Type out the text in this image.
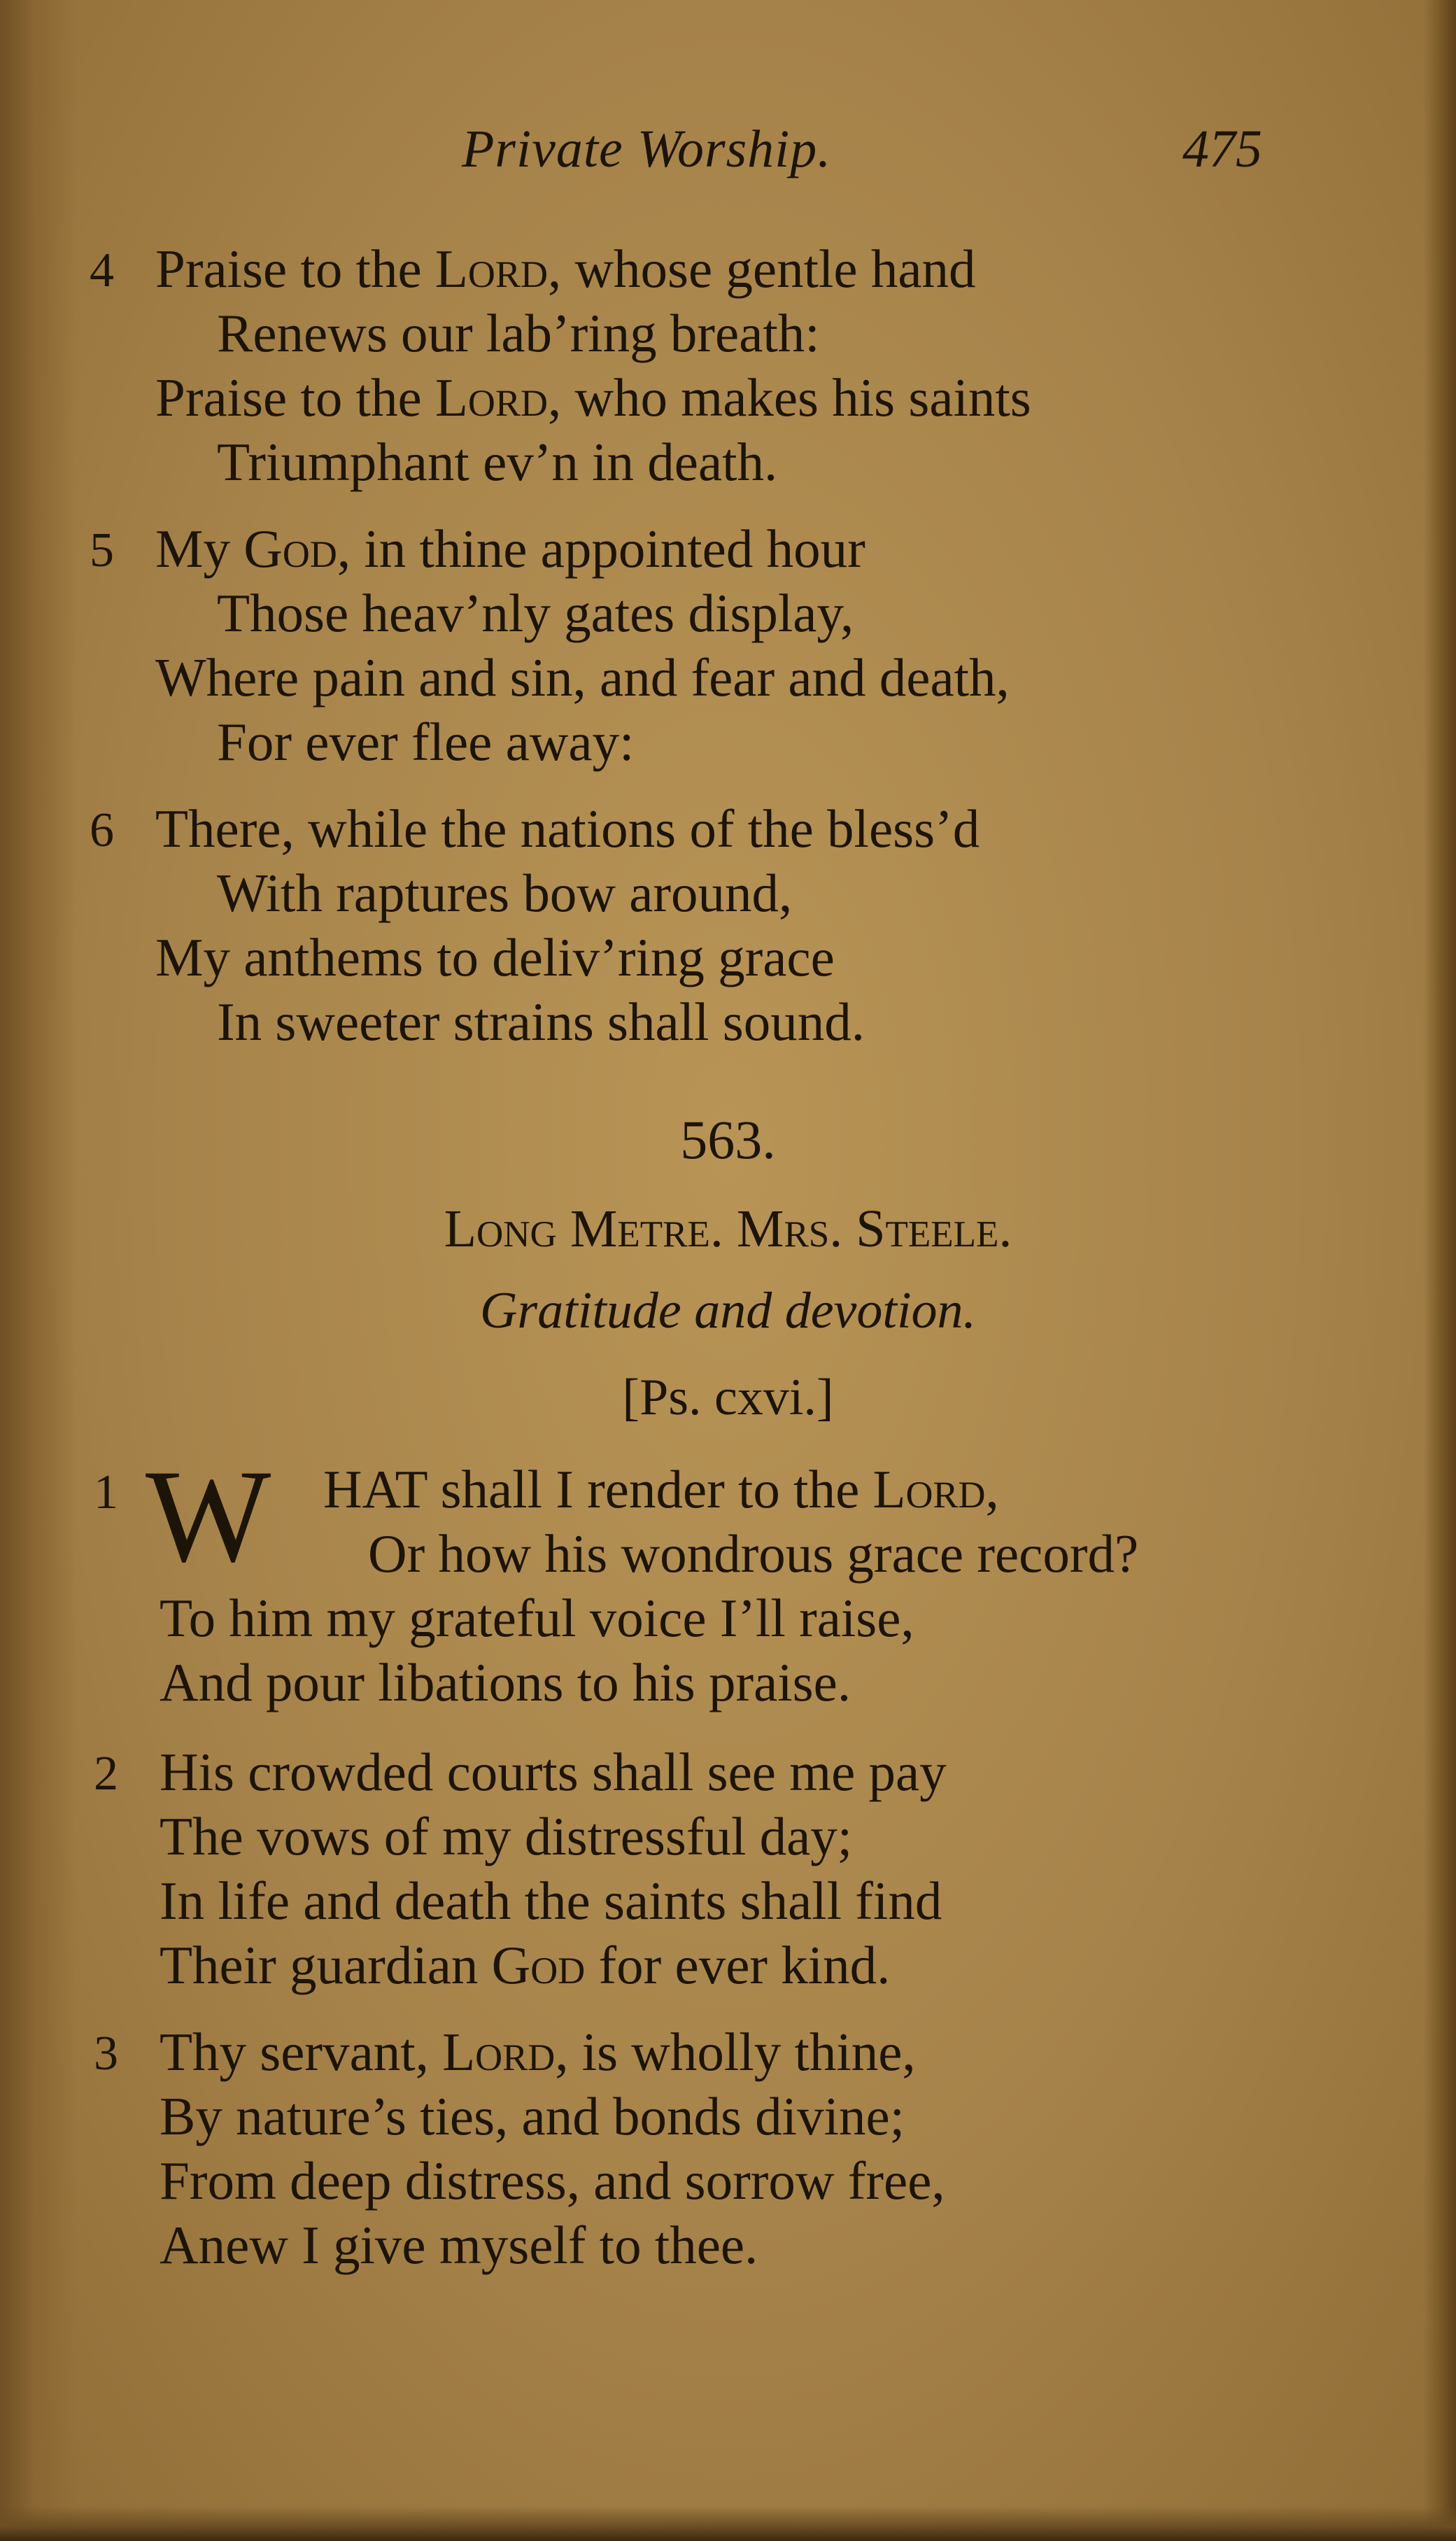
Private Worship.	475
4 Praise to the Lord, whose gentle hand
Renews our lab’ring breath:
Praise to the Lord, who makes his saints
Triumphant ev’n in death.
5 My God, in thine appointed hour
Those heav’nly gates display,
Where pain and sin, and fear and death,
For ever flee away:
6 There, while the nations of the bless’d
With raptures bow around,
My anthems to deliv’ring grace
In sweeter strains shall sound.
563.
Long Metre. Mrs. Steele.
Gratitude and devotion.
[Ps. cxvi.]
1 W HAT shall I render to the Lord,
Or how his wondrous grace record?
To him my grateful voice I’ll raise,
And pour libations to his praise.
2 His crowded courts shall see me pay
The vows of my distressful day;
In life and death the saints shall find
Their guardian God for ever kind.
3 Thy servant, Lord, is wholly thine,
By nature’s ties, and bonds divine;
From deep distress, and sorrow free,
Anew I give myself to thee.
